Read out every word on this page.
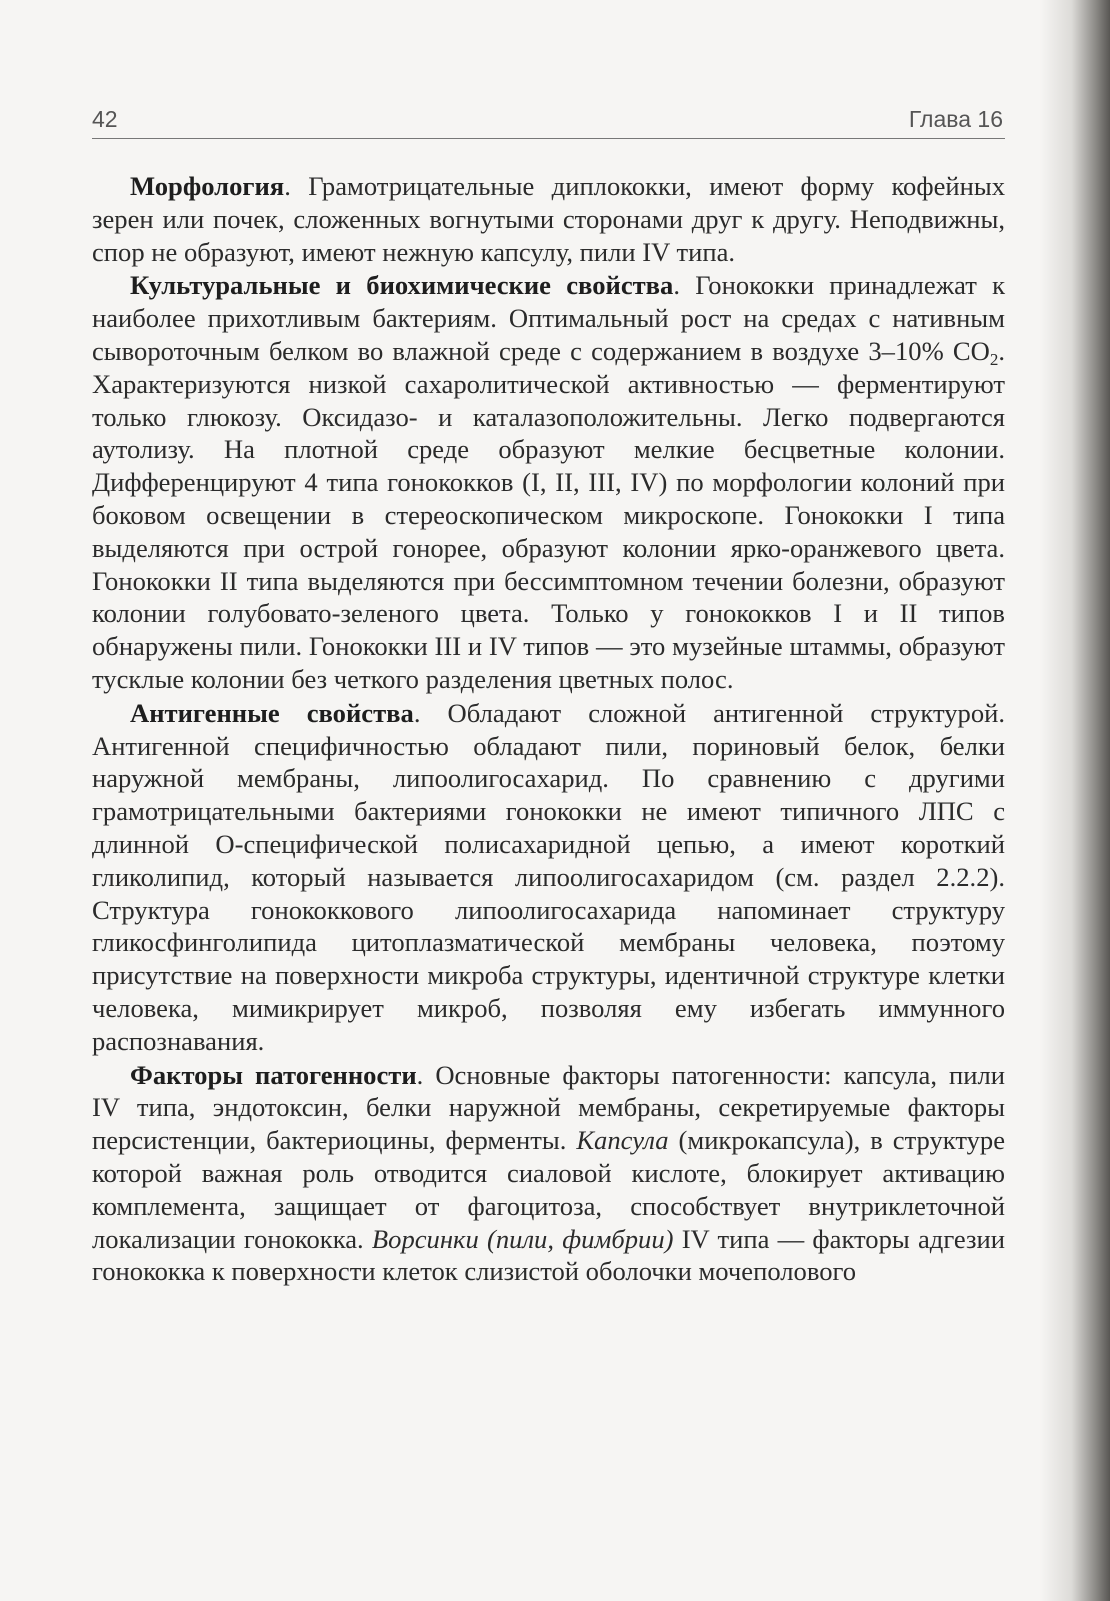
42	Глава 16

Морфология. Грамотрицательные диплококки, имеют форму кофейных зерен или почек, сложенных вогнутыми сторонами друг к другу. Неподвижны, спор не образуют, имеют нежную капсулу, пили IV типа.

Культуральные и биохимические свойства. Гонококки принадлежат к наиболее прихотливым бактериям. Оптимальный рост на средах с нативным сывороточным белком во влажной среде с содержанием в воздухе 3–10% $СО_2$. Характеризуются низкой сахаролитической активностью — ферментируют только глюкозу. Оксидазо- и каталазоположительны. Легко подвергаются аутолизу. На плотной среде образуют мелкие бесцветные колонии. Дифференцируют 4 типа гонококков (I, II, III, IV) по морфологии колоний при боковом освещении в стереоскопическом микроскопе. Гонококки I типа выделяются при острой гонорее, образуют колонии ярко-оранжевого цвета. Гонококки II типа выделяются при бессимптомном течении болезни, образуют колонии голубовато-зеленого цвета. Только у гонококков I и II типов обнаружены пили. Гонококки III и IV типов — это музейные штаммы, образуют тусклые колонии без четкого разделения цветных полос.

Антигенные свойства. Обладают сложной антигенной структурой. Антигенной специфичностью обладают пили, пориновый белок, белки наружной мембраны, липоолигосахарид. По сравнению с другими грамотрицательными бактериями гонококки не имеют типичного ЛПС с длинной О-специфической полисахаридной цепью, а имеют короткий гликолипид, который называется липоолигосахаридом (см. раздел 2.2.2). Структура гонококкового липоолигосахарида напоминает структуру гликосфинголипида цитоплазматической мембраны человека, поэтому присутствие на поверхности микроба структуры, идентичной структуре клетки человека, мимикрирует микроб, позволяя ему избегать иммунного распознавания.

Факторы патогенности. Основные факторы патогенности: капсула, пили IV типа, эндотоксин, белки наружной мембраны, секретируемые факторы персистенции, бактериоцины, ферменты. Капсула (микрокапсула), в структуре которой важная роль отводится сиаловой кислоте, блокирует активацию комплемента, защищает от фагоцитоза, способствует внутриклеточной локализации гонококка. Ворсинки (пили, фимбрии) IV типа — факторы адгезии гонококка к поверхности клеток слизистой оболочки мочеполового
